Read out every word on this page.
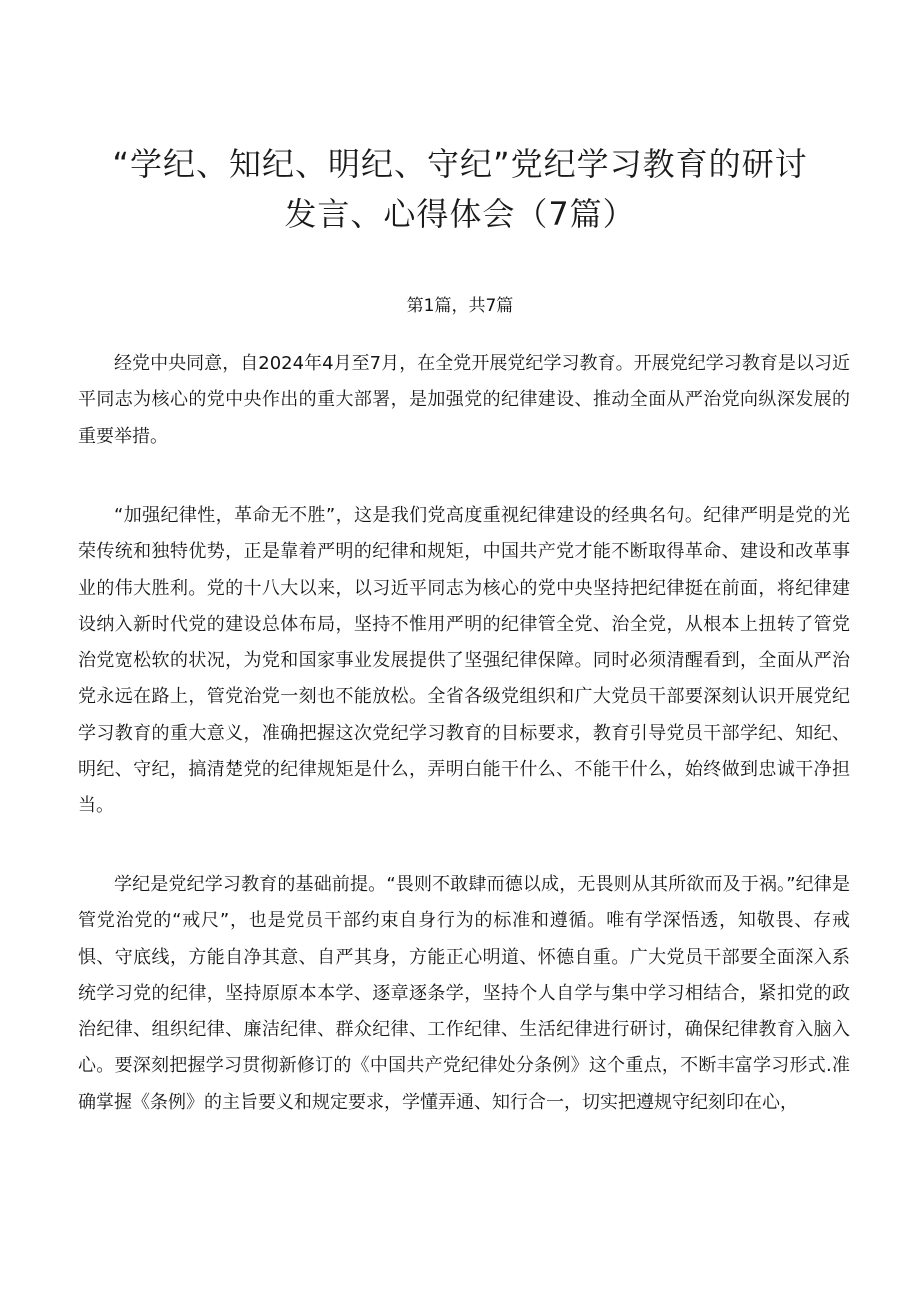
“学纪、知纪、明纪、守纪”党纪学习教育的研讨
发言、心得体会（7篇）
第1篇，共7篇

经党中央同意，自2024年4月至7月，在全党开展党纪学习教育。开展党纪学习教育是以习近平同志为核心的党中央作出的重大部署，是加强党的纪律建设、推动全面从严治党向纵深发展的重要举措。

“加强纪律性，革命无不胜”，这是我们党高度重视纪律建设的经典名句。纪律严明是党的光荣传统和独特优势，正是靠着严明的纪律和规矩，中国共产党才能不断取得革命、建设和改革事业的伟大胜利。党的十八大以来，以习近平同志为核心的党中央坚持把纪律挺在前面，将纪律建设纳入新时代党的建设总体布局，坚持不惟用严明的纪律管全党、治全党，从根本上扭转了管党治党宽松软的状况，为党和国家事业发展提供了坚强纪律保障。同时必须清醒看到，全面从严治党永远在路上，管党治党一刻也不能放松。全省各级党组织和广大党员干部要深刻认识开展党纪学习教育的重大意义，准确把握这次党纪学习教育的目标要求，教育引导党员干部学纪、知纪、明纪、守纪，搞清楚党的纪律规矩是什么，弄明白能干什么、不能干什么，始终做到忠诚干净担当。

学纪是党纪学习教育的基础前提。“畏则不敢肆而德以成，无畏则从其所欲而及于祸。”纪律是管党治党的“戒尺”，也是党员干部约束自身行为的标准和遵循。唯有学深悟透，知敬畏、存戒惧、守底线，方能自净其意、自严其身，方能正心明道、怀德自重。广大党员干部要全面深入系统学习党的纪律，坚持原原本本学、逐章逐条学，坚持个人自学与集中学习相结合，紧扣党的政治纪律、组织纪律、廉洁纪律、群众纪律、工作纪律、生活纪律进行研讨，确保纪律教育入脑入心。要深刻把握学习贯彻新修订的《中国共产党纪律处分条例》这个重点，不断丰富学习形式.准确掌握《条例》的主旨要义和规定要求，学懂弄通、知行合一，切实把遵规守纪刻印在心，
